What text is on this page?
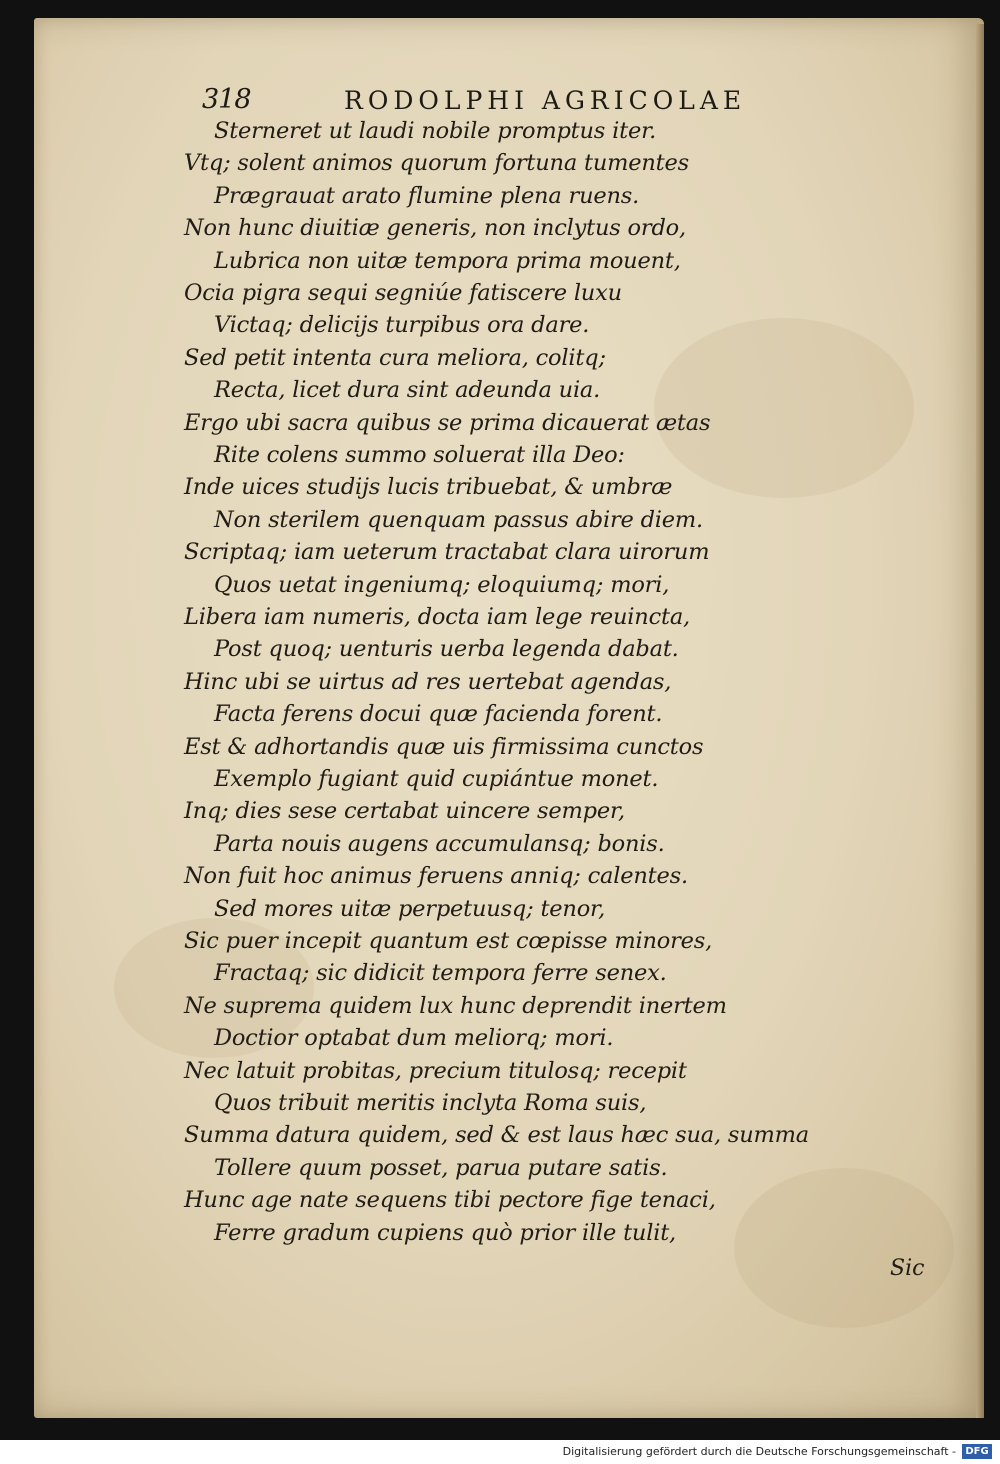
318	RODOLPHI AGRICOLAE
Sterneret ut laudi nobile promptus iter.
Vtq; solent animos quorum fortuna tumentes
Prægrauat arato flumine plena ruens.
Non hunc diuitiæ generis, non inclytus ordo,
Lubrica non uitæ tempora prima mouent,
Ocia pigra sequi segniúe fatiscere luxu
Victaq; delicijs turpibus ora dare.
Sed petit intenta cura meliora, colitq;
Recta, licet dura sint adeunda uia.
Ergo ubi sacra quibus se prima dicauerat ætas
Rite colens summo soluerat illa Deo:
Inde uices studijs lucis tribuebat, & umbræ
Non sterilem quenquam passus abire diem.
Scriptaq; iam ueterum tractabat clara uirorum
Quos uetat ingeniumq; eloquiumq; mori,
Libera iam numeris, docta iam lege reuincta,
Post quoq; uenturis uerba legenda dabat.
Hinc ubi se uirtus ad res uertebat agendas,
Facta ferens docui quæ facienda forent.
Est & adhortandis quæ uis firmissima cunctos
Exemplo fugiant quid cupiántue monet.
Inq; dies sese certabat uincere semper,
Parta nouis augens accumulansq; bonis.
Non fuit hoc animus feruens anniq; calentes.
Sed mores uitæ perpetuusq; tenor,
Sic puer incepit quantum est cœpisse minores,
Fractaq; sic didicit tempora ferre senex.
Ne suprema quidem lux hunc deprendit inertem
Doctior optabat dum meliorq; mori.
Nec latuit probitas, precium titulosq; recepit
Quos tribuit meritis inclyta Roma suis,
Summa datura quidem, sed & est laus hæc sua, summa
Tollere quum posset, parua putare satis.
Hunc age nate sequens tibi pectore fige tenaci,
Ferre gradum cupiens quò prior ille tulit,
Sic
Digitalisierung gefördert durch die Deutsche Forschungsgemeinschaft - DFG
